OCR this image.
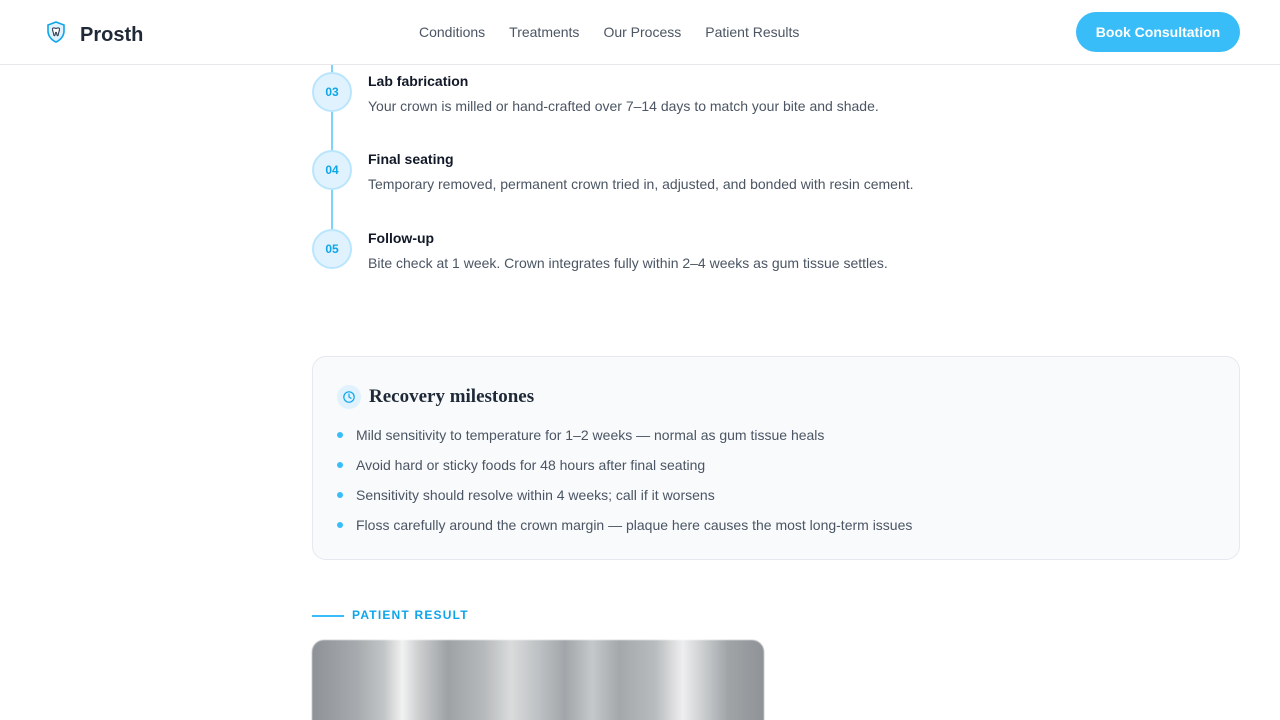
Prosth	Conditions Treatments Our Process Patient Results	Book Consultation
03
Lab fabrication
Your crown is milled or hand-crafted over 7–14 days to match your bite and shade.
04
Final seating
Temporary removed, permanent crown tried in, adjusted, and bonded with resin cement.
05
Follow-up
Bite check at 1 week. Crown integrates fully within 2–4 weeks as gum tissue settles.
Recovery milestones
Mild sensitivity to temperature for 1–2 weeks — normal as gum tissue heals
Avoid hard or sticky foods for 48 hours after final seating
Sensitivity should resolve within 4 weeks; call if it worsens
Floss carefully around the crown margin — plaque here causes the most long-term issues
PATIENT RESULT
